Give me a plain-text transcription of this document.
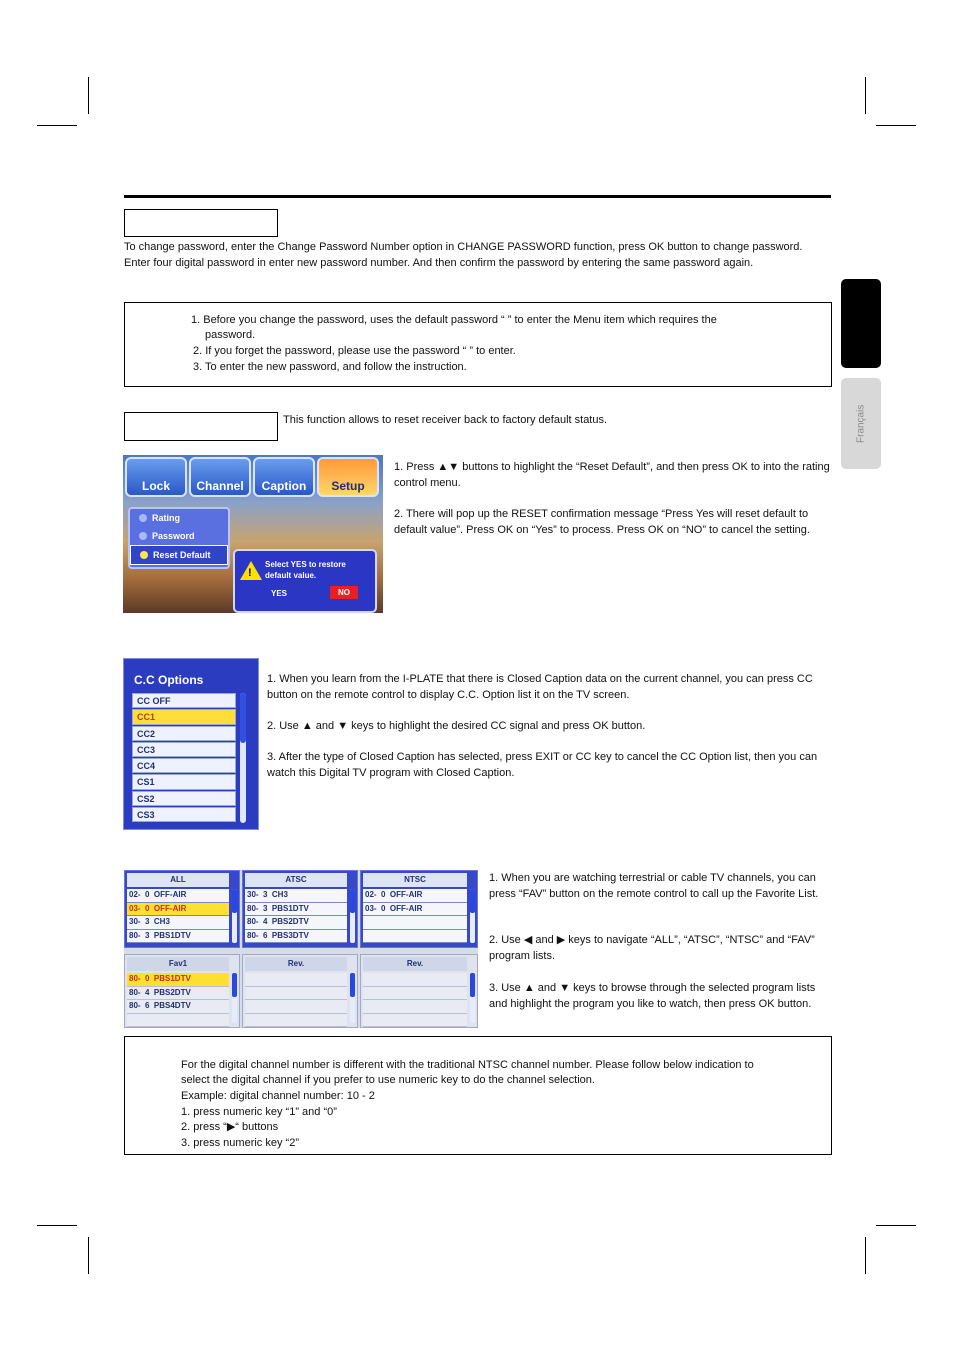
Français
To change password, enter the Change Password Number option in CHANGE PASSWORD function, press OK button to change password. Enter four digital password in enter new password number. And then confirm the password by entering the same password again.
1. Before you change the password, uses the default password “ ” to enter the Menu item which requires the
password.
2. If you forget the password, please use the password “ ” to enter.
3. To enter the new password, and follow the instruction.
This function allows to reset receiver back to factory default status.
Lock	Channel	Caption	Setup
Rating
Password
Reset Default
!
Select YES to restore default value.
YES	NO
1. Press ▲▼ buttons to highlight the “Reset Default”, and then press OK to into the rating control menu.
2. There will pop up the RESET confirmation message “Press Yes will reset default to default value”. Press OK on “Yes” to process. Press OK on “NO” to cancel the setting.
C.C Options
CC OFF
CC1
CC2
CC3
CC4
CS1
CS2
CS3
1. When you learn from the I-PLATE that there is Closed Caption data on the current channel, you can press CC button on the remote control to display C.C. Option list it on the TV screen.
2. Use ▲ and ▼ keys to highlight the desired CC signal and press OK button.
3. After the type of Closed Caption has selected, press EXIT or CC key to cancel the CC Option list, then you can watch this Digital TV program with Closed Caption.
ALL
02-  0  OFF-AIR
03-  0  OFF-AIR
30-  3  CH3
80-  3  PBS1DTV
ATSC
30-  3  CH3
80-  3  PBS1DTV
80-  4  PBS2DTV
80-  6  PBS3DTV
NTSC
02-  0  OFF-AIR
03-  0  OFF-AIR
Fav1
80-  0  PBS1DTV
80-  4  PBS2DTV
80-  6  PBS4DTV
Rev.	Rev.
1. When you are watching terrestrial or cable TV channels, you can press “FAV” button on the remote control to call up the Favorite List.
2. Use ◀ and ▶ keys to navigate “ALL”, “ATSC”, “NTSC” and “FAV” program lists.
3. Use ▲ and ▼ keys to browse through the selected program lists and highlight the program you like to watch, then press OK button.
For the digital channel number is different with the traditional NTSC channel number. Please follow below indication to
select the digital channel if you prefer to use numeric key to do the channel selection.
Example: digital channel number: 10 - 2
1. press numeric key “1” and “0”
2. press “▶“ buttons
3. press numeric key “2”
